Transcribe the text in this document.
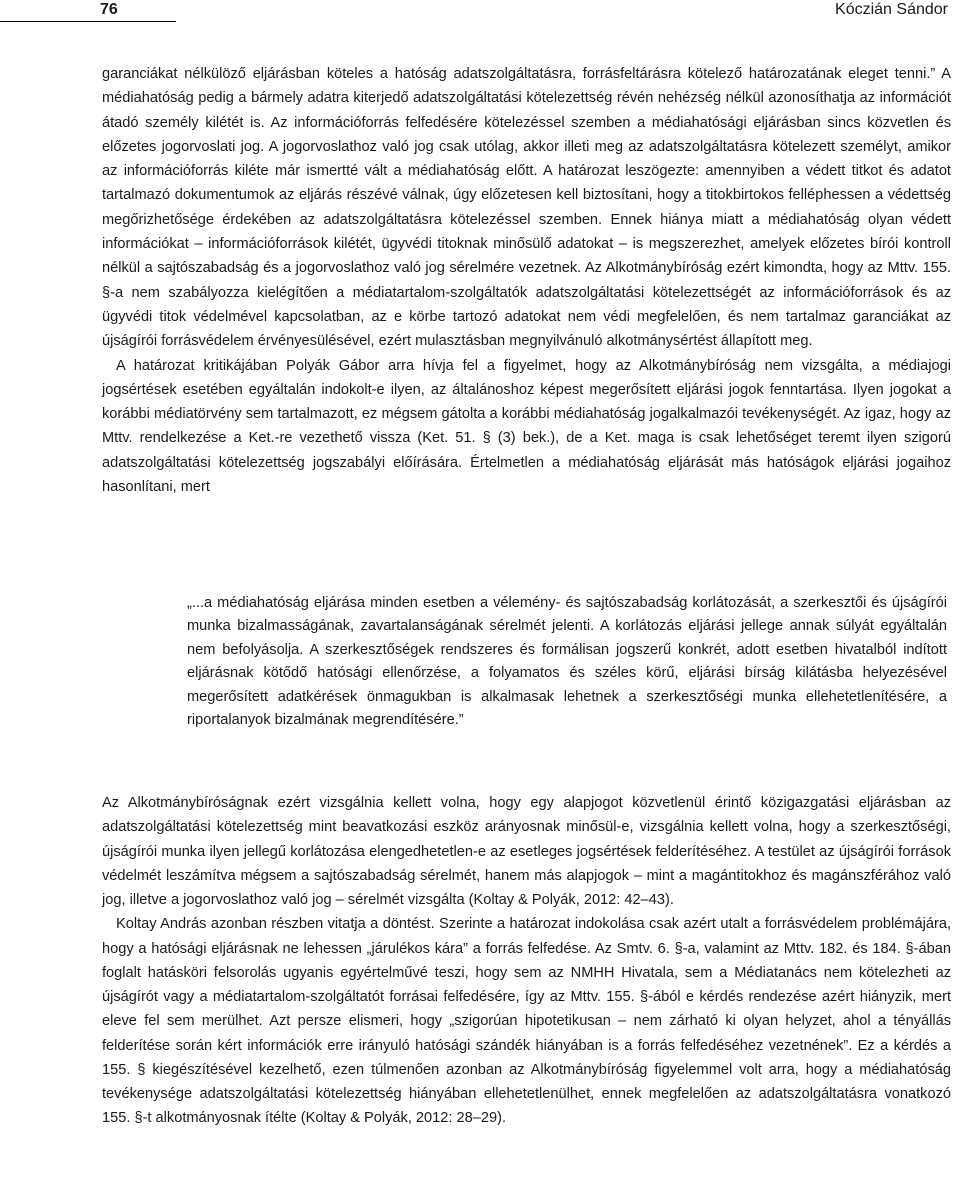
76	Kóczián Sándor

garanciákat nélkülöző eljárásban köteles a hatóság adatszolgáltatásra, forrásfeltárásra kötelező határozatának eleget tenni.” A médiahatóság pedig a bármely adatra kiterjedő adatszolgáltatási kötelezettség révén nehézség nélkül azonosíthatja az információt átadó személy kilétét is. Az információforrás felfedésére kötelezéssel szemben a médiahatósági eljárásban sincs közvetlen és előzetes jogorvoslati jog. A jogorvoslathoz való jog csak utólag, akkor illeti meg az adatszolgáltatásra kötelezett személyt, amikor az információforrás kiléte már ismertté vált a médiahatóság előtt. A határozat leszögezte: amennyiben a védett titkot és adatot tartalmazó dokumentumok az eljárás részévé válnak, úgy előzetesen kell biztosítani, hogy a titokbirtokos felléphessen a védettség megőrizhetősége érdekében az adatszolgáltatásra kötelezéssel szemben. Ennek hiánya miatt a médiahatóság olyan védett információkat – információforrások kilétét, ügyvédi titoknak minősülő adatokat – is megszerezhet, amelyek előzetes bírói kontroll nélkül a sajtószabadság és a jogorvoslathoz való jog sérelmére vezetnek. Az Alkotmánybíróság ezért kimondta, hogy az Mttv. 155. §-a nem szabályozza kielégítően a médiatartalom-szolgáltatók adatszolgáltatási kötelezettségét az információforrások és az ügyvédi titok védelmével kapcsolatban, az e körbe tartozó adatokat nem védi megfelelően, és nem tartalmaz garanciákat az újságírói forrásvédelem érvényesülésével, ezért mulasztásban megnyilvánuló alkotmánysértést állapított meg.

A határozat kritikájában Polyák Gábor arra hívja fel a figyelmet, hogy az Alkotmánybíróság nem vizsgálta, a médiajogi jogsértések esetében egyáltalán indokolt-e ilyen, az általánoshoz képest megerősített eljárási jogok fenntartása. Ilyen jogokat a korábbi médiatörvény sem tartalmazott, ez mégsem gátolta a korábbi médiahatóság jogalkalmazói tevékenységét. Az igaz, hogy az Mttv. rendelkezése a Ket.-re vezethető vissza (Ket. 51. § (3) bek.), de a Ket. maga is csak lehetőséget teremt ilyen szigorú adatszolgáltatási kötelezettség jogszabályi előírására. Értelmetlen a médiahatóság eljárását más hatóságok eljárási jogaihoz hasonlítani, mert

„...a médiahatóság eljárása minden esetben a vélemény- és sajtószabadság korlátozását, a szerkesztői és újságírói munka bizalmasságának, zavartalanságának sérelmét jelenti. A korlátozás eljárási jellege annak súlyát egyáltalán nem befolyásolja. A szerkesztőségek rendszeres és formálisan jogszerű konkrét, adott esetben hivatalból indított eljárásnak kötődő hatósági ellenőrzése, a folyamatos és széles körű, eljárási bírság kilátásba helyezésével megerősített adatkérések önmagukban is alkalmasak lehetnek a szerkesztőségi munka ellehetetlenítésére, a riportalanyok bizalmának megrendítésére.”

Az Alkotmánybíróságnak ezért vizsgálnia kellett volna, hogy egy alapjogot közvetlenül érintő közigazgatási eljárásban az adatszolgáltatási kötelezettség mint beavatkozási eszköz arányosnak minősül-e, vizsgálnia kellett volna, hogy a szerkesztőségi, újságírói munka ilyen jellegű korlátozása elengedhetetlen-e az esetleges jogsértések felderítéséhez. A testület az újságírói források védelmét leszámítva mégsem a sajtószabadság sérelmét, hanem más alapjogok – mint a magántitokhoz és magánszférához való jog, illetve a jogorvoslathoz való jog – sérelmét vizsgálta (Koltay & Polyák, 2012: 42–43).

Koltay András azonban részben vitatja a döntést. Szerinte a határozat indokolása csak azért utalt a forrásvédelem problémájára, hogy a hatósági eljárásnak ne lehessen „járulékos kára” a forrás felfedése. Az Smtv. 6. §-a, valamint az Mttv. 182. és 184. §-ában foglalt hatásköri felsorolás ugyanis egyértelművé teszi, hogy sem az NMHH Hivatala, sem a Médiatanács nem kötelezheti az újságírót vagy a médiatartalom-szolgáltatót forrásai felfedésére, így az Mttv. 155. §-ából e kérdés rendezése azért hiányzik, mert eleve fel sem merülhet. Azt persze elismeri, hogy „szigorúan hipotetikusan – nem zárható ki olyan helyzet, ahol a tényállás felderítése során kért információk erre irányuló hatósági szándék hiányában is a forrás felfedéséhez vezetnének”. Ez a kérdés a 155. § kiegészítésével kezelhető, ezen túlmenően azonban az Alkotmánybíróság figyelemmel volt arra, hogy a médiahatóság tevékenysége adatszolgáltatási kötelezettség hiányában ellehetetlenülhet, ennek megfelelően az adatszolgáltatásra vonatkozó 155. §-t alkotmányosnak ítélte (Koltay & Polyák, 2012: 28–29).
